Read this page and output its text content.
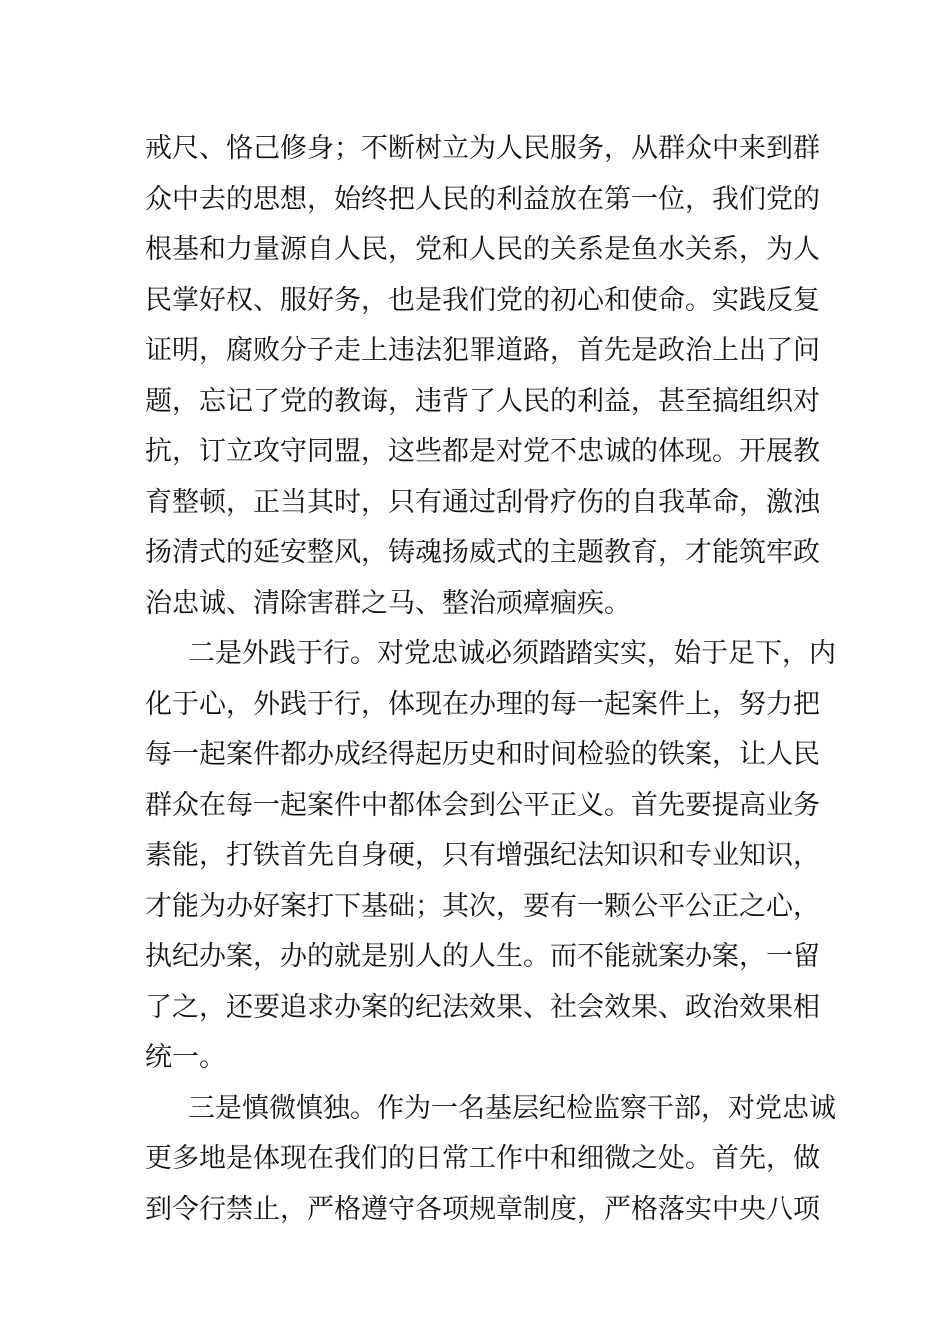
戒尺、恪己修身；不断树立为人民服务，从群众中来到群
众中去的思想，始终把人民的利益放在第一位，我们党的
根基和力量源自人民，党和人民的关系是鱼水关系，为人
民掌好权、服好务，也是我们党的初心和使命。实践反复
证明，腐败分子走上违法犯罪道路，首先是政治上出了问
题，忘记了党的教诲，违背了人民的利益，甚至搞组织对
抗，订立攻守同盟，这些都是对党不忠诚的体现。开展教
育整顿，正当其时，只有通过刮骨疗伤的自我革命，激浊
扬清式的延安整风，铸魂扬威式的主题教育，才能筑牢政
治忠诚、清除害群之马、整治顽瘴痼疾。
二是外践于行。对党忠诚必须踏踏实实，始于足下，内
化于心，外践于行，体现在办理的每一起案件上，努力把
每一起案件都办成经得起历史和时间检验的铁案，让人民
群众在每一起案件中都体会到公平正义。首先要提高业务
素能，打铁首先自身硬，只有增强纪法知识和专业知识，
才能为办好案打下基础；其次，要有一颗公平公正之心，
执纪办案，办的就是别人的人生。而不能就案办案，一留
了之，还要追求办案的纪法效果、社会效果、政治效果相
统一。
三是慎微慎独。作为一名基层纪检监察干部，对党忠诚
更多地是体现在我们的日常工作中和细微之处。首先，做
到令行禁止，严格遵守各项规章制度，严格落实中央八项
